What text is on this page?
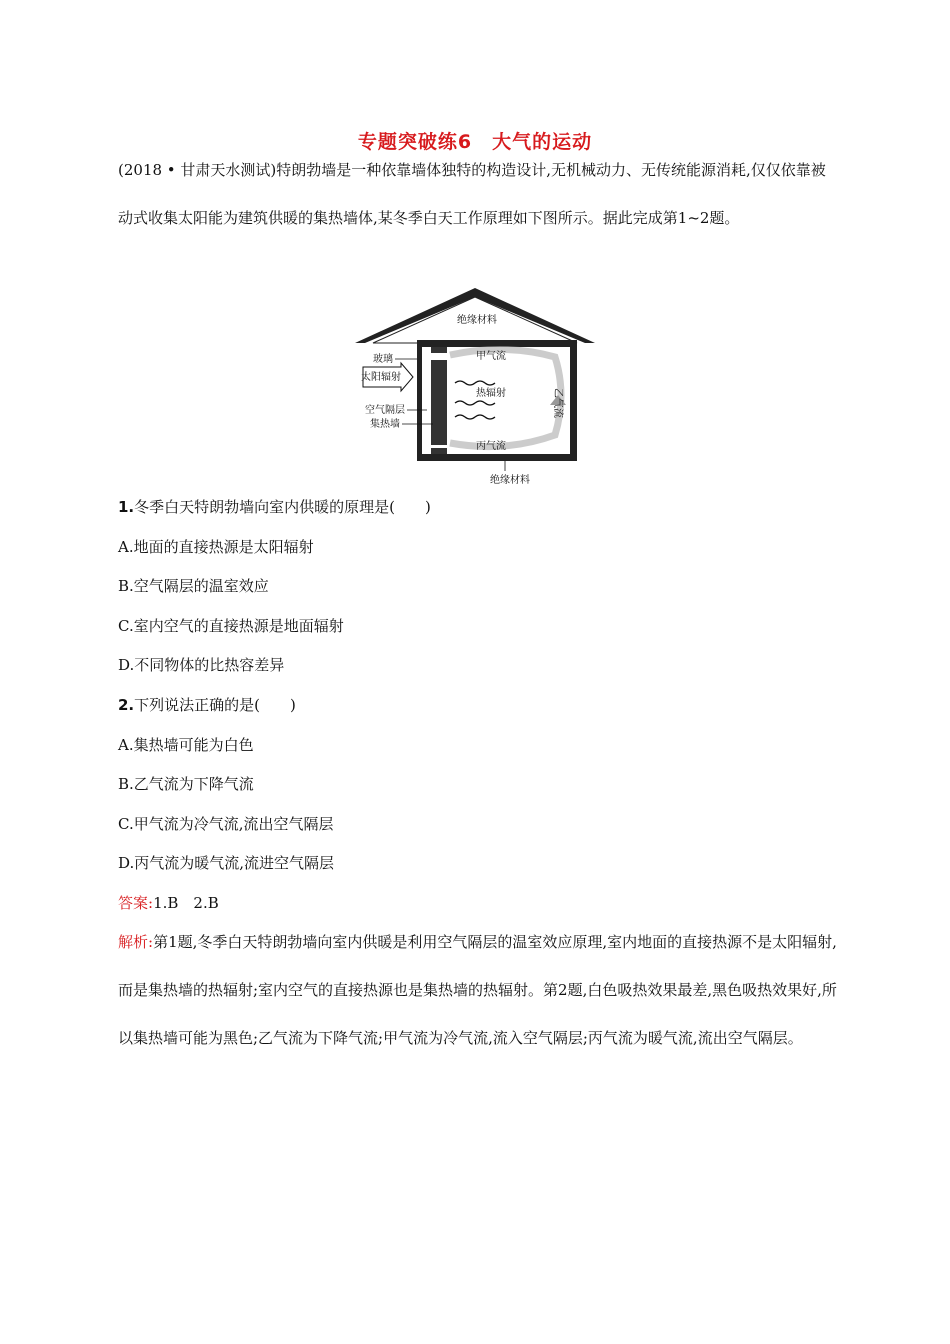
专题突破练6　大气的运动
(2018 • 甘肃天水测试)特朗勃墙是一种依靠墙体独特的构造设计,无机械动力、无传统能源消耗,仅仅依靠被动式收集太阳能为建筑供暖的集热墙体,某冬季白天工作原理如下图所示。据此完成第1~2题。
绝缘材料
甲气流
热辐射
丙气流
乙气流
玻璃
太阳辐射
空气隔层
集热墙
绝缘材料
1.冬季白天特朗勃墙向室内供暖的原理是(　　)
A.地面的直接热源是太阳辐射
B.空气隔层的温室效应
C.室内空气的直接热源是地面辐射
D.不同物体的比热容差异
2.下列说法正确的是(　　)
A.集热墙可能为白色
B.乙气流为下降气流
C.甲气流为冷气流,流出空气隔层
D.丙气流为暖气流,流进空气隔层
答案:1.B　2.B
解析:第1题,冬季白天特朗勃墙向室内供暖是利用空气隔层的温室效应原理,室内地面的直接热源不是太阳辐射,而是集热墙的热辐射;室内空气的直接热源也是集热墙的热辐射。第2题,白色吸热效果最差,黑色吸热效果好,所以集热墙可能为黑色;乙气流为下降气流;甲气流为冷气流,流入空气隔层;丙气流为暖气流,流出空气隔层。
